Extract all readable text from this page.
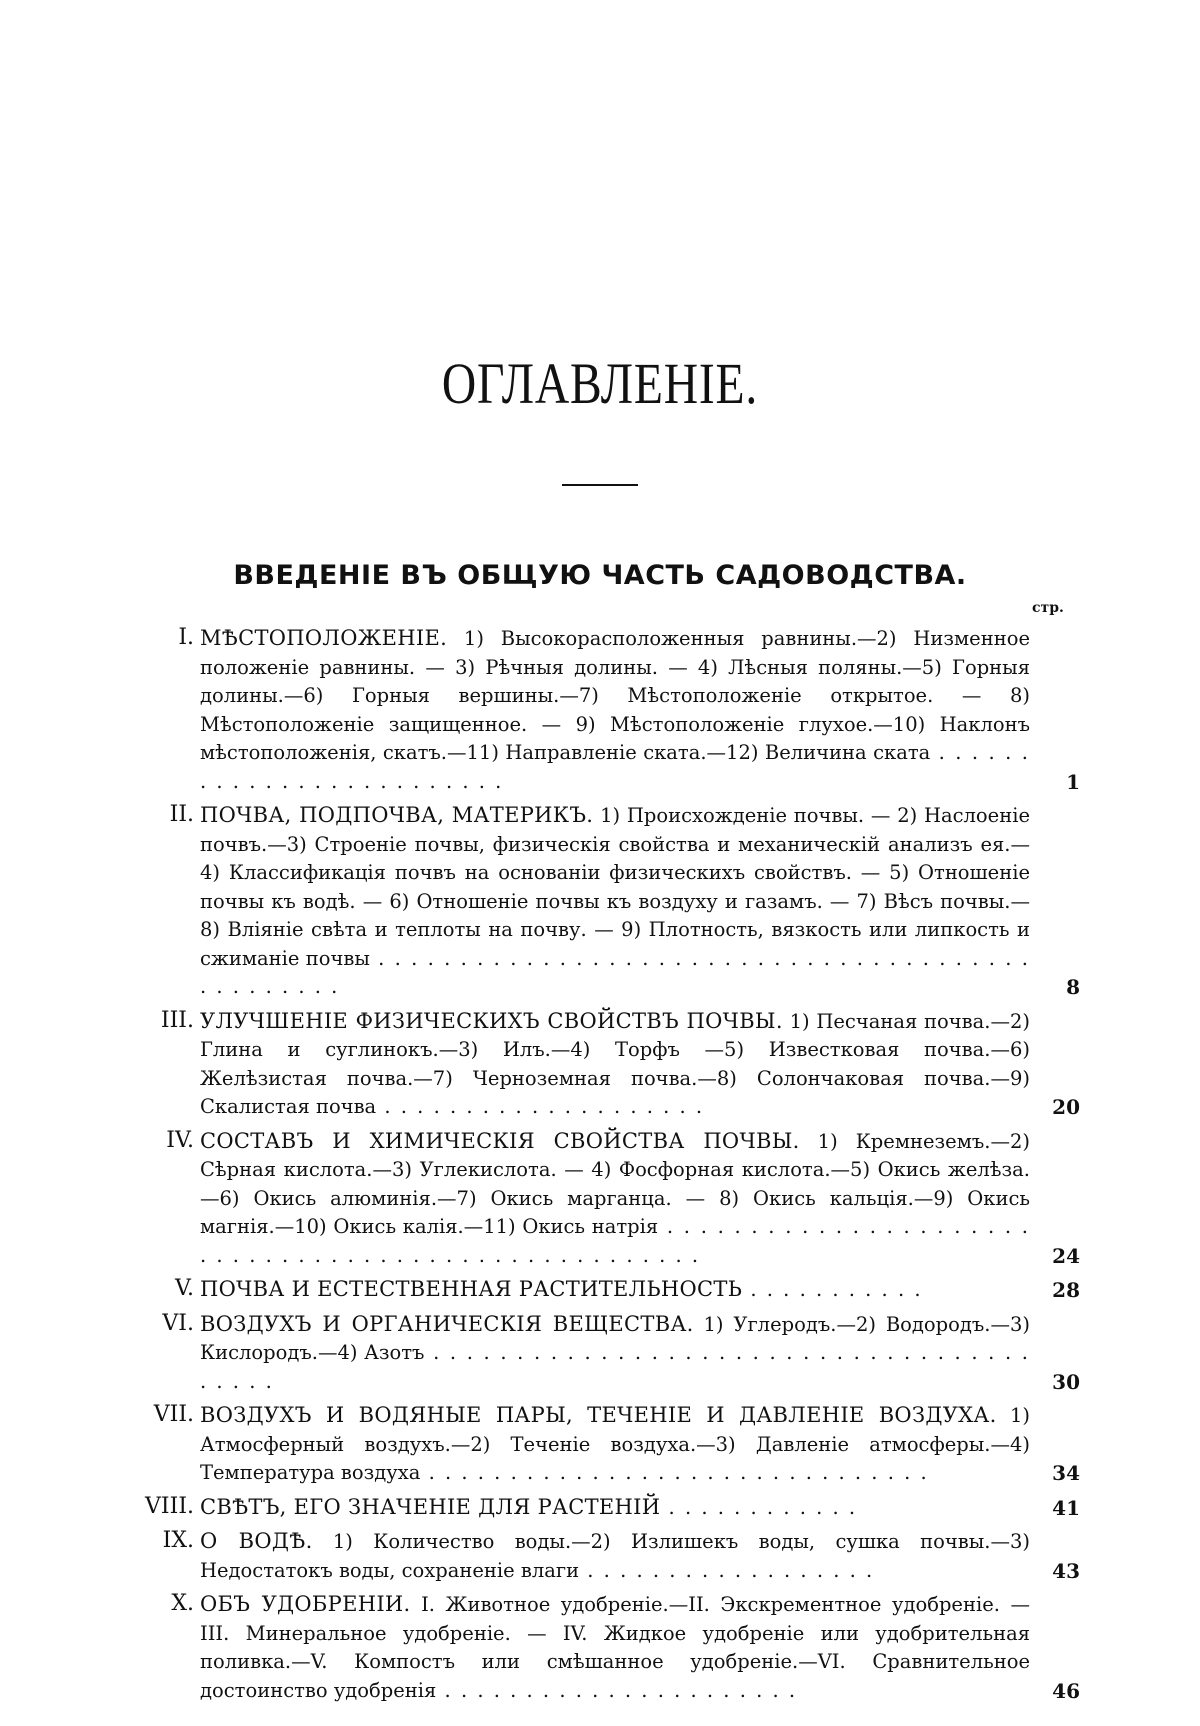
ОГЛАВЛЕНІЕ.
ВВЕДЕНІЕ ВЪ ОБЩУЮ ЧАСТЬ САДОВОДСТВА.
стр.
I. МѢСТОПОЛОЖЕНІЕ. 1) Высокорасположенныя равнины.—2) Низменное положеніе равнины. — 3) Рѣчныя долины. — 4) Лѣсныя поляны.—5) Горныя долины.—6) Горныя вершины.—7) Мѣстоположеніе открытое. — 8) Мѣстоположеніе защищенное. — 9) Мѣстоположеніе глухое.—10) Наклонъ мѣстоположенія, скатъ.—11) Направленіе ската.—12) Величина ската . . . . . . . . . . . . . . . . . . . . . . . . .	1
II. ПОЧВА, ПОДПОЧВА, МАТЕРИКЪ. 1) Происхожденіе почвы. — 2) Наслоеніе почвъ.—3) Строеніе почвы, физическія свойства и механическій анализъ ея.—4) Классификація почвъ на основаніи физическихъ свойствъ. — 5) Отношеніе почвы къ водѣ. — 6) Отношеніе почвы къ воздуху и газамъ. — 7) Вѣсъ почвы.—8) Вліяніе свѣта и теплоты на почву. — 9) Плотность, вязкость или липкость и сжиманіе почвы . . . . . . . . . . . . . . . . . . . . . . . . . . . . . . . . . . . . . . . . . . . . . . . . .	8
III. УЛУЧШЕНІЕ ФИЗИЧЕСКИХЪ СВОЙСТВЪ ПОЧВЫ. 1) Песчаная почва.—2) Глина и суглинокъ.—3) Илъ.—4) Торфъ —5) Известковая почва.—6) Желѣзистая почва.—7) Черноземная почва.—8) Солончаковая почва.—9) Скалистая почва . . . . . . . . . . . . . . . . . . . .	20
IV. СОСТАВЪ И ХИМИЧЕСКІЯ СВОЙСТВА ПОЧВЫ. 1) Кремнеземъ.—2) Сѣрная кислота.—3) Углекислота. — 4) Фосфорная кислота.—5) Окись желѣза.—6) Окись алюминія.—7) Окись марганца. — 8) Окись кальція.—9) Окись магнія.—10) Окись калія.—11) Окись натрія . . . . . . . . . . . . . . . . . . . . . . . . . . . . . . . . . . . . . . . . . . . . . . . . . . . . .	24
V. ПОЧВА И ЕСТЕСТВЕННАЯ РАСТИТЕЛЬНОСТЬ . . . . . . . . . . .	28
VI. ВОЗДУХЪ И ОРГАНИЧЕСКІЯ ВЕЩЕСТВА. 1) Углеродъ.—2) Водородъ.—3) Кислородъ.—4) Азотъ . . . . . . . . . . . . . . . . . . . . . . . . . . . . . . . . . . . . . . . . .	30
VII. ВОЗДУХЪ И ВОДЯНЫЕ ПАРЫ, ТЕЧЕНІЕ И ДАВЛЕНІЕ ВОЗДУХА. 1) Атмосферный воздухъ.—2) Теченіе воздуха.—3) Давленіе атмосферы.—4) Температура воздуха . . . . . . . . . . . . . . . . . . . . . . . . . . . . . . .	34
VIII. СВѢТЪ, ЕГО ЗНАЧЕНІЕ ДЛЯ РАСТЕНІЙ . . . . . . . . . . . .	41
IX. О ВОДѢ. 1) Количество воды.—2) Излишекъ воды, сушка почвы.—3) Недостатокъ воды, сохраненіе влаги . . . . . . . . . . . . . . . . . .	43
X. ОБЪ УДОБРЕНІИ. I. Животное удобреніе.—II. Экскрементное удобреніе. — III. Минеральное удобреніе. — IV. Жидкое удобреніе или удобрительная поливка.—V. Компостъ или смѣшанное удобреніе.—VI. Сравнительное достоинство удобренія . . . . . . . . . . . . . . . . . . . . . .	46
